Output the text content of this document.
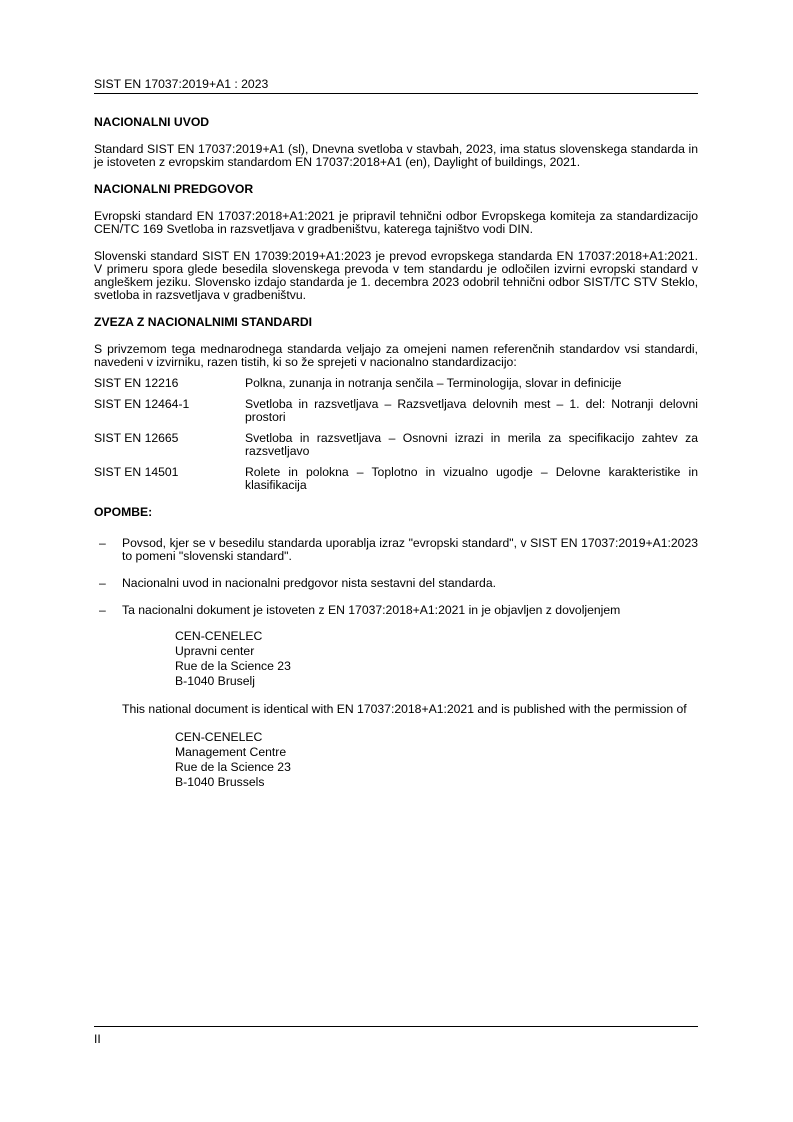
SIST EN 17037:2019+A1 : 2023
NACIONALNI UVOD

Standard SIST EN 17037:2019+A1 (sl), Dnevna svetloba v stavbah, 2023, ima status slovenskega standarda in je istoveten z evropskim standardom EN 17037:2018+A1 (en), Daylight of buildings, 2021.

NACIONALNI PREDGOVOR

Evropski standard EN 17037:2018+A1:2021 je pripravil tehnični odbor Evropskega komiteja za standardizacijo CEN/TC 169 Svetloba in razsvetljava v gradbeništvu, katerega tajništvo vodi DIN.

Slovenski standard SIST EN 17039:2019+A1:2023 je prevod evropskega standarda EN 17037:2018+A1:2021. V primeru spora glede besedila slovenskega prevoda v tem standardu je odločilen izvirni evropski standard v angleškem jeziku. Slovensko izdajo standarda je 1. decembra 2023 odobril tehnični odbor SIST/TC STV Steklo, svetloba in razsvetljava v gradbeništvu.

ZVEZA Z NACIONALNIMI STANDARDI

S privzemom tega mednarodnega standarda veljajo za omejeni namen referenčnih standardov vsi standardi, navedeni v izvirniku, razen tistih, ki so že sprejeti v nacionalno standardizacijo:

SIST EN 12216	Polkna, zunanja in notranja senčila – Terminologija, slovar in definicije
SIST EN 12464-1	Svetloba in razsvetljava – Razsvetljava delovnih mest – 1. del: Notranji delovni prostori
SIST EN 12665	Svetloba in razsvetljava – Osnovni izrazi in merila za specifikacijo zahtev za razsvetljavo
SIST EN 14501	Rolete in polokna – Toplotno in vizualno ugodje – Delovne karakteristike in klasifikacija
OPOMBE:
– Povsod, kjer se v besedilu standarda uporablja izraz "evropski standard", v SIST EN 17037:2019+A1:2023 to pomeni "slovenski standard".
– Nacionalni uvod in nacionalni predgovor nista sestavni del standarda.
– Ta nacionalni dokument je istoveten z EN 17037:2018+A1:2021 in je objavljen z dovoljenjem
CEN-CENELEC
Upravni center
Rue de la Science 23
B-1040 Bruselj

This national document is identical with EN 17037:2018+A1:2021 and is published with the permission of

CEN-CENELEC
Management Centre
Rue de la Science 23
B-1040 Brussels
II
